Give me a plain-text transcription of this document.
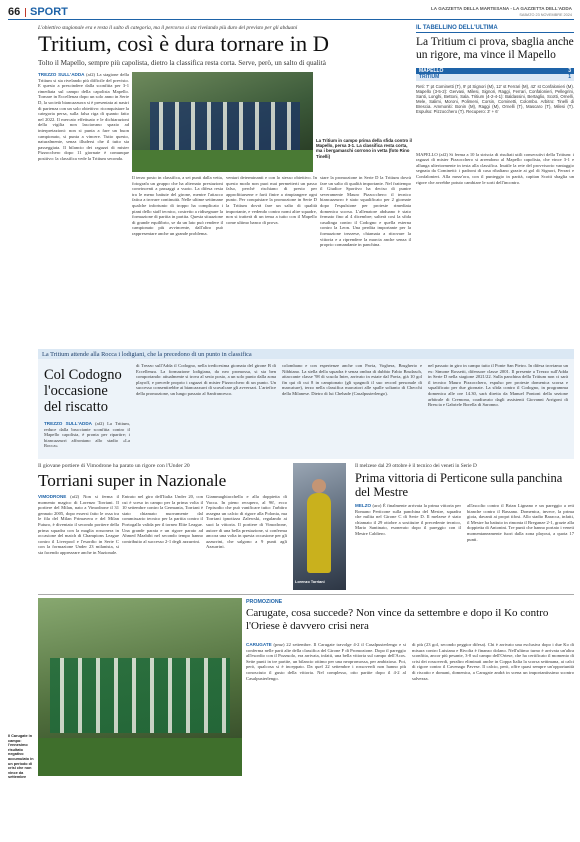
66 SPORT	LA GAZZETTA DELLA MARTESANA - LA GAZZETTA DELL'ADDA
SABATO 23 NOVEMBRE 2024
L'obiettivo stagionale era e resta il salto di categoria, ma il percorso si sta rivelando più duro del previsto per gli abduani
Tritium, così è dura tornare in D
Tolto il Mapello, sempre più capolista, dietro la classifica resta corta. Serve, però, un salto di qualità
TREZZO SULL'ADDA (af2) La stagione della Tritium si sta rivelando più difficile del previsto. E questo a prescindere dalla sconfitta per 3-1 rimediata sul campo della capolista Mapello. Tornare in Eccellenza dopo un solo anno in Serie D, la società biancazzurra si è presentata ai nastri di partenza con un solo obiettivo: riconquistare la categoria persa, sulla falsa riga di quanto fatto nel 2022. Il mercato effettuato e le dichiarazioni della vigilia non lasciavano spazio ad interpretazioni: non si punta a fare un buon campionato, si punta a vincere. Tutto questo, naturalmente, senza illudersi che il tutto sia passeggiata. Il bilancio dei ragazzi di mister Pizzocchero dopo 11 giornate è comunque positivo: la classifica vede la Tritium seconda.
La Tritium in campo prima della sfida contro il Mapello, persa 3-1. La classifica resta corta, ma i bergamaschi corrono in vetta (foto Rino Tinelli)
Il terzo posto in classifica, a sei punti dalla vetta, fotografa un gruppo che ha alternato prestazioni convincenti a passaggi a vuoto. La difesa resta tra le meno battute del girone, mentre l'attacco fatica a trovare continuità. Nelle ultime settimane qualche infortunio di troppo ha complicato i piani dello staff tecnico, costretto a ridisegnare la formazione di partita in partita. Questa situazione di grande equilibrio, se da un lato può rendere il campionato più avvincente, dall'altro può rappresentare anche un grande problema.
ventari determinanti e con lo stesso obiettivo. In questo modo non puoi mai permetterti un passo falso, perché rischiano di presto per approfittarsene e farti finire a rimpiangere ogni punto. Per conquistare la promozione in Serie D la Tritium dovrà fare un salto di qualità importante, e vedendo contro nomi altre squadre, non si tratterà di un tema a tutto con il Mapello come ultimo banco di prova.
stare la promozione in Serie D la Tritium dovrà fare un salto di qualità importante. Nel frattempo il Giudice Sportivo ha deciso di punire severamente Mauro Pizzocchero: il tecnico biancazzurro è stato squalificato per 2 giornate dopo l'espulsione per proteste rimediata domenica scorsa. L'allenatore abduano è stato fermato fino al 4 dicembre; salterà così la sfida casalinga contro il Codogno e quella esterna contro la Leon. Una perdita importante per la formazione trezzese, chiamata a ritrovare la vittoria e a riprendere la marcia anche senza il proprio comandante in panchina.
IL TABELLINO DELL'ULTIMA
La Tritium ci prova, sbaglia anche un rigore, ma vince il Mapello
MAPELLO	3
TRITIUM	1
Reti: 7' pt Cominetti (T), 9' pt Signori (M), 12' st Ferrari (M), 42' st Confalonieri (M). Mapello (3-5-2): Gervasi, Milesi, Signori, Raggi, Ferrari, Confalonieri, Pellegrini, Santi, Longhi, Bettoni, Sala. Tritium (4-2-4-1): Baldassini, Bertaglio, Scotti, Ornelli, Mele, Salimi, Moroni, Polimeni, Corsin, Cominetti, Colombo. Arbitro: Tinelli di Brescia. Ammoniti: Bonin (M), Raggi (M), Ornelli (T), Mascaro (T), Milesi (T). Espulso: Pizzocchero (T). Recupero: 3' + 6'
MAPELLO (af2) Si ferma a 10 la striscia di risultati utili consecutivi della Tritium: i ragazzi di mister Pizzocchero si arrendono al Mapello capolista, che vince 3-1 e allunga ulteriormente in testa alla classifica. Inutile la rete del provvisorio vantaggio segnata da Cominetti: i padroni di casa ribaltano grazie ai gol di Signori, Ferrari e Confalonieri. Alla mezz'ora, con il punteggio in parità, capitan Scotti sbaglia un rigore che avrebbe potuto cambiare le sorti dell'incontro.
La Tritium attende alla Rocca i lodigiani, che la precedono di un punto in classifica
Col Codogno l'occasione del riscatto
TREZZO SULL'ADDA (af2) La Tritium, reduce dalla brucciante sconfitta contro il Mapello capolista, è pronta per ripartire; i biancazzurri affrontano allo stadio «La Rocca»
di Trezzo sull'Adda il Codogno, nella tredicesima giornata del girone B di Eccellenza. La formazione lodigiana, da neo promossa, si sta ben comportando: attualmente si trova al sesto posto, a un solo punto dalla zona playoff, e precede proprio i ragazzi di mister Pizzocchero di un punto. Un successo consentirebbe ai biancazzurri di scavalcare gli avversari. L'artefice della promozione, un lungo passato al Sanfrancesco.
colombano e con esperienze anche con Pavia, Voghera, Brugherio e Nibbiano. La stella della squadra è senza ombra di dubbio Fabio Brudasch, attaccante classe '98 di scuola Inter, arrivato in estate dal Pavia, già 10 gol fin qui di cui 8 in campionato (gli spagnoli il suo record personale di marcature), terzo nella classifica marcatori alle spalle soltanto di Checchi della Milanese. Dietro di lui Chehade (Casalpusterlengo).
nel passato in giro in campo tutto il Ponte San Pietro. In difesa troviamo un ex: Simone Rossetti, difensore classe 2001. Il presente a Trezzo sull'Adda in Serie D nella stagione 2021/22. Sulla panchina della Tritium non ci sarà il tecnico Mauro Pizzocchero, espulso per proteste domenica scorsa e squalificato per due giornate. La sfida contro il Codogno, in programma domenica alle ore 14.30, sarà diretta da Manuel Pontoni della sezione arbitrale di Cremona, coadiuvato dagli assistenti Giovanni Arrigoni di Brescia e Gabriele Borella di Saronno.
Il giovane portiere di Vimodrone ha parato un rigore con l'Under 20
Torriani super in Nazionale
VIMODRONE (af2) Non si ferma il momento magico di Lorenzo Torriani. Il portiere del Milan, nato a Vimodrone il 31 gennaio 2005, dopo essersi fatto le ossa tra le fila del Milan Primavera e del Milan Futuro, è diventato il secondo portiere della prima squadra con la maglia rossonera in occasione del match di Champions League contro il Liverpool e l'esordio in Serie C con la formazione Under 23 milanista, si sta facendo apprezzare anche in Nazionale.
Entrato nel giro dell'Italia Under 20, con cui è sceso in campo per la prima volta il 10 settembre contro la Germania, Torriani è stato chiamato nuovamente dal commissario tecnico per la partita contro il Portogallo valida per il torneo Elite League. Una grande parata e un rigore parato ad Ahmed Mazbibi nel secondo tempo hanno contribuito al successo 2-1 degli azzurrini.
Giammaghiacchella e alla doppietta di Vacca. In pieno recupero, al 96', ecco l'episodio che può vanificare tutto: l'arbitro assegna un calcio di rigore alla Polonia, ma Torriani ipnotizza Zalewski, regalando ai suoi la vittoria. Il portiere di Vimodrone, autore di una bella prestazione, si conferma ancora una volta in questa occasione per gli azzurrini, che salgono a 9 punti agli Azzurrini.
Lorenzo Torriani
Il melzese dal 29 ottobre è il tecnico dei veneti in Serie D
Prima vittoria di Perticone sulla panchina del Mestre
MELZO (aro) È finalmente arrivata la prima vittoria per Romano Perticone sulla panchina del Mestre, squadra che milita nel Girone C di Serie D. Il melzese è stato chiamato il 29 ottobre a sostituire il precedente tecnico, Mario Santinato, esonerato dopo il pareggio con il Mestre Caldiero.
all'ascolto contro il Brian Lignano e un pareggio a reti bianche contro il Bassano. Domenica, invece, la prima gioia, davanti ai propri tifosi. Allo stadio Baracca, infatti, il Mestre ha battuto in rimonta il Breganze 2-1, grazie alla doppietta di Antonini. Tre punti che hanno portato i veneti momentaneamente fuori dalla zona playout, a quota 17 punti.
Il Carugate in campo: l'ennesimo risultato negativo accumulato in un periodo di crisi che non vince da settembre
PROMOZIONE
Carugate, cosa succede? Non vince da settembre e dopo il Ko contro l'Oriese è davvero crisi nera
CARUGATE (pmz) 22 settembre. Il Carugate travolge 4-2 il Casalpusterlengo e si conferma nelle parti alte della classifica del Girone F di Promozione. Dopo il pareggio all'esordio con il Pozzuolo, era arrivata, infatti, una bella vittoria sul campo dell'Acos. Sette punti in tre partite, un bilancio ottimo per una neopromossa, per ambizioso. Poi, però, qualcosa si è inceppato. Da quel 22 settembre i rossoverdi non hanno più conosciuto il gusto della vittoria. Nel complesso, otto partite dopo il 4-2 al Casalpusterlengo.
di più (23 gol, secondo peggior difesa). Chi è arrivato una esclusiva dopo i due Ko di misura contro Luisiana e Rivolta è finanzo dolano. Nell'ultimo turno è arrivata un'altra sconfitta, ancor più pesante, 3-0 sul campo dell'Oriese, che ha certificato il momento di crisi dei rossoverdi, peraltro eliminati anche in Coppa Italia la scorsa settimana, ai calci di rigore contro il Cavenago Pavese. Il calcio, però, offre quasi sempre un'opportunità di riscatto e domani, domenica, a Carugate andrà in scena un importantissimo scontro salvezza.
